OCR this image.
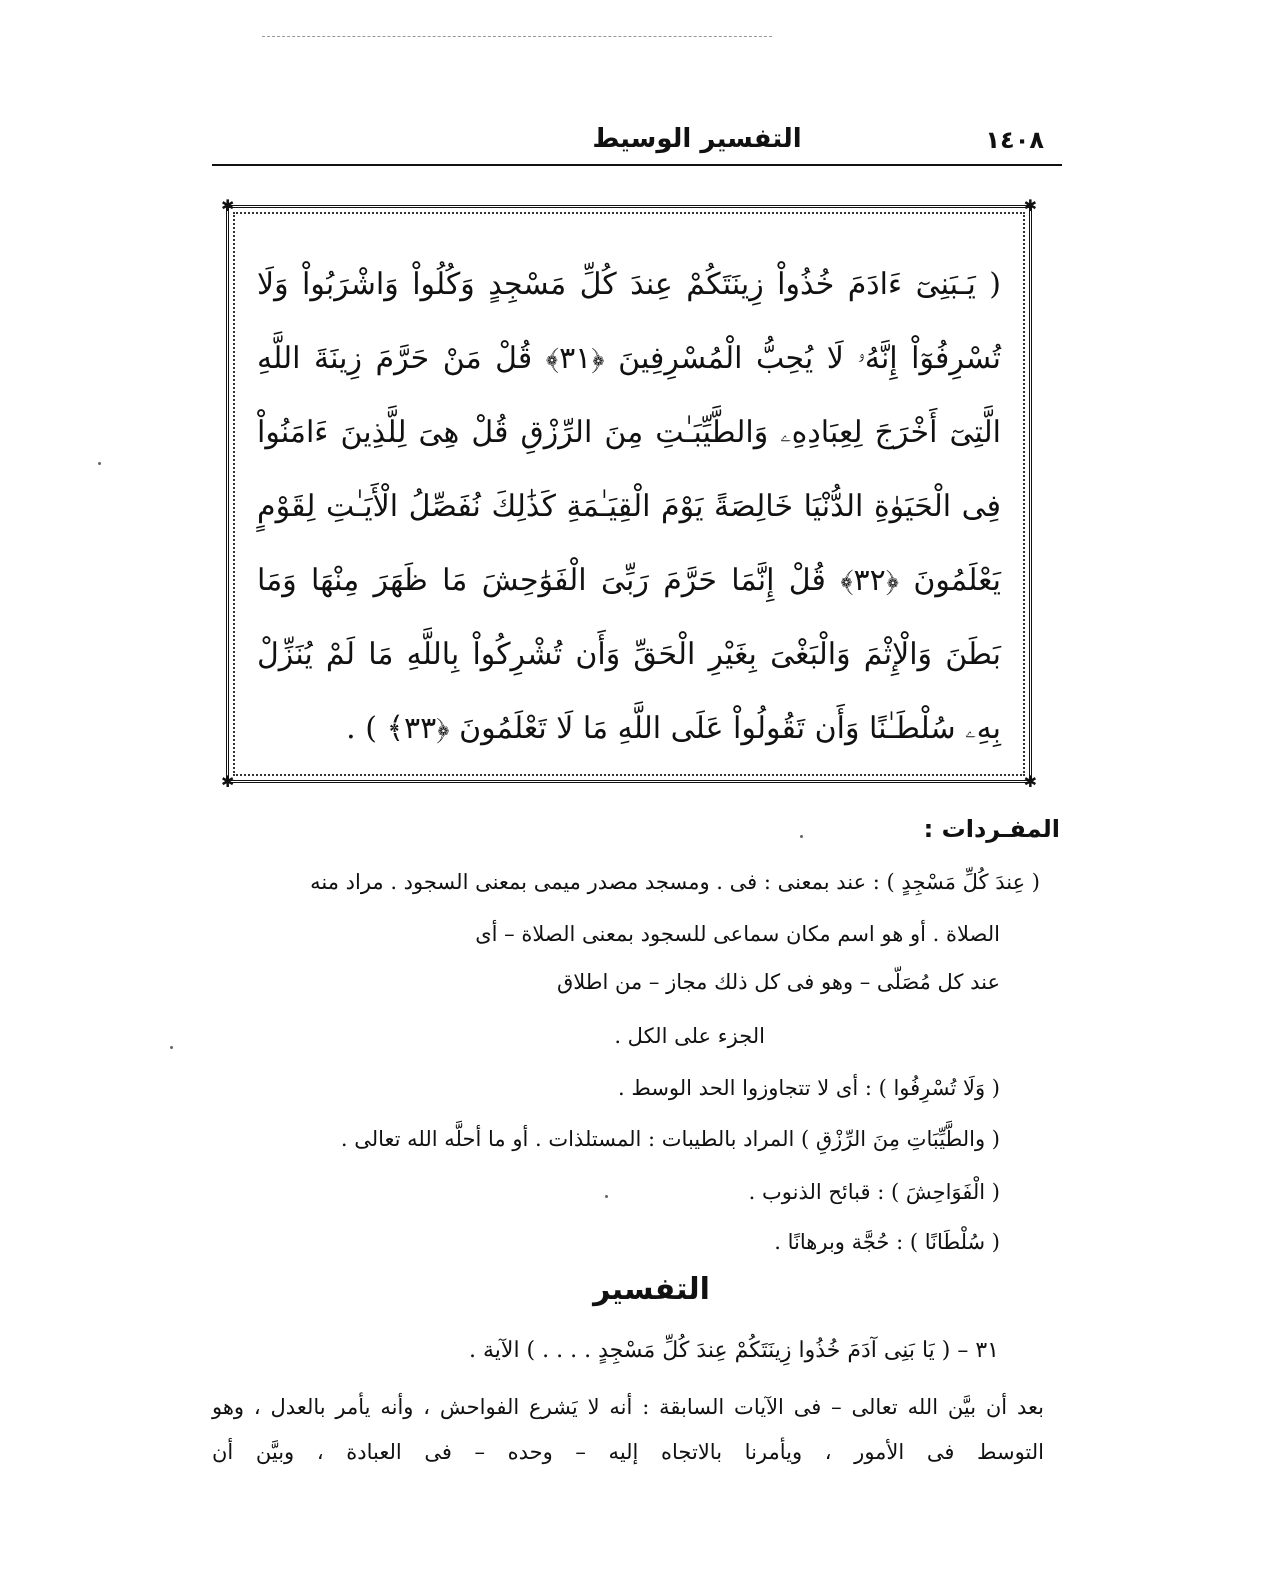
١٤٠٨
التفسير الوسيط
✱	✱
✱	✱
( يَـبَنِىٓ ءَادَمَ خُذُواْ زِينَتَكُمْ عِندَ كُلِّ مَسْجِدٍ وَكُلُواْ وَاشْرَبُواْ وَلَا تُسْرِفُوٓاْ إِنَّهُۥ لَا يُحِبُّ الْمُسْرِفِينَ ﴿٣١﴾ قُلْ مَنْ حَرَّمَ زِينَةَ اللَّهِ الَّتِىٓ أَخْرَجَ لِعِبَادِهِۦ وَالطَّيِّبَـٰتِ مِنَ الرِّزْقِ قُلْ هِىَ لِلَّذِينَ ءَامَنُواْ فِى الْحَيَوٰةِ الدُّنْيَا خَالِصَةً يَوْمَ الْقِيَـٰمَةِ كَذَٰلِكَ نُفَصِّلُ الْأَيَـٰتِ لِقَوْمٍ يَعْلَمُونَ ﴿٣٢﴾ قُلْ إِنَّمَا حَرَّمَ رَبِّىَ الْفَوَٰحِشَ مَا ظَهَرَ مِنْهَا وَمَا بَطَنَ وَالْإِثْمَ وَالْبَغْىَ بِغَيْرِ الْحَقِّ وَأَن تُشْرِكُواْ بِاللَّهِ مَا لَمْ يُنَزِّلْ بِهِۦ سُلْطَـٰنًا وَأَن تَقُولُواْ عَلَى اللَّهِ مَا لَا تَعْلَمُونَ ﴿٣٣﴾ ) .
المفـردات :
( عِندَ كُلِّ مَسْجِدٍ ) : عند بمعنى : فى . ومسجد مصدر ميمى بمعنى السجود . مراد منه
الصلاة . أو هو اسم مكان سماعى للسجود بمعنى الصلاة – أى
عند كل مُصَلّى – وهو فى كل ذلك مجاز – من اطلاق
الجزء على الكل .
( وَلَا تُسْرِفُوا ) : أى لا تتجاوزوا الحد الوسط .
( والطَّيِّبَاتِ مِنَ الرِّزْقِ ) المراد بالطيبات : المستلذات . أو ما أحلَّه الله تعالى .
( الْفَوَاحِشَ ) : قبائح الذنوب .
( سُلْطَانًا ) : حُجَّة وبرهانًا .
التفسير
٣١ – ( يَا بَنِى آدَمَ خُذُوا زِينَتَكُمْ عِندَ كُلِّ مَسْجِدٍ . . . . ) الآية .
بعد أن بيَّن الله تعالى – فى الآيات السابقة : أنه لا يَشرع الفواحش ، وأنه يأمر بالعدل ، وهو التوسط فى الأمور ، ويأمرنا بالاتجاه إليه – وحده – فى العبادة ، وبيَّن أن
